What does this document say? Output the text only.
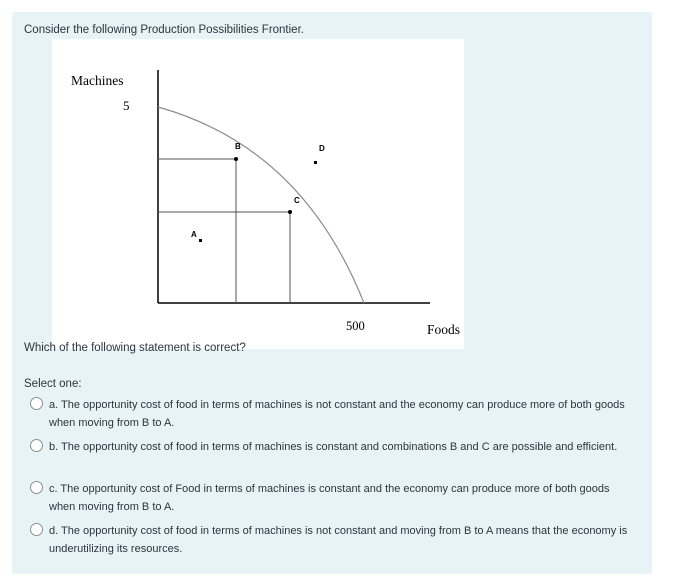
Consider the following Production Possibilities Frontier.
Machines
5
500	Foods
B
C
A
D
Which of the following statement is correct?
Select one:
a. The opportunity cost of food in terms of machines is not constant and the economy can produce more of both goods when moving from B to A.
b. The opportunity cost of food in terms of machines is constant and combinations B and C are possible and efficient.
c. The opportunity cost of Food in terms of machines is constant and the economy can produce more of both goods when moving from B to A.
d. The opportunity cost of food in terms of machines is not constant and moving from B to A means that the economy is underutilizing its resources.
